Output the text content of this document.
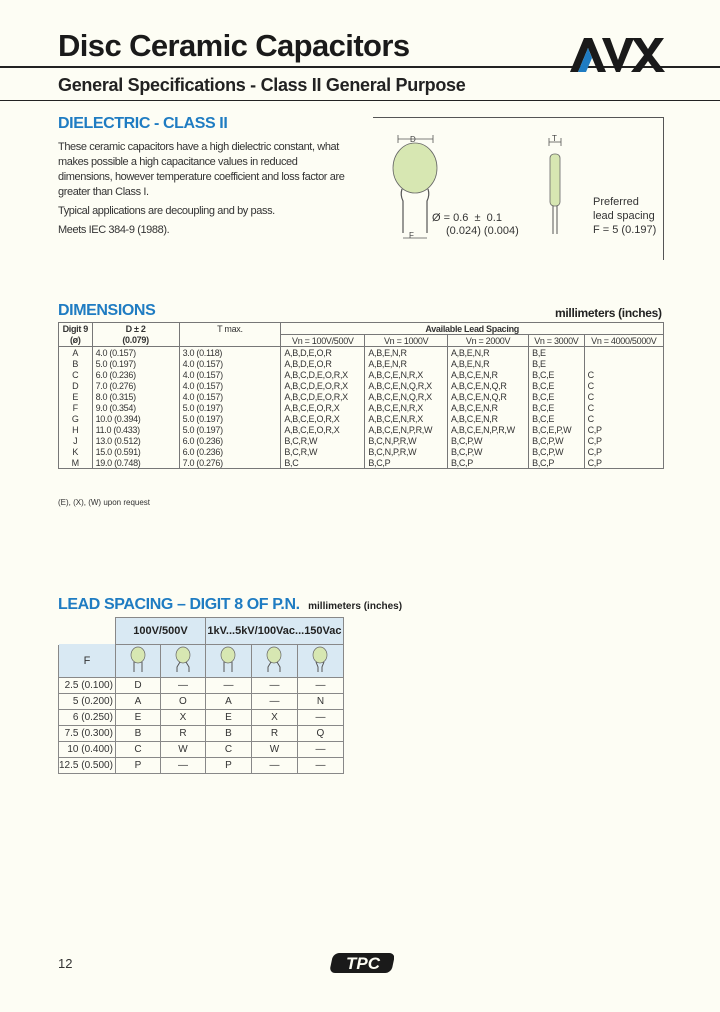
Disc Ceramic Capacitors
General Specifications - Class II General Purpose
DIELECTRIC - CLASS II

These ceramic capacitors have a high dielectric constant, what makes possible a high capacitance values in reduced dimensions, however temperature coefficient and loss factor are greater than Class I.

Typical applications are decoupling and by pass.

Meets IEC 384-9 (1988).

D
F
T
Ø = 0.6  ±  0.1
(0.024) (0.004)
Preferred
lead spacing
F = 5 (0.197)
DIMENSIONS	millimeters (inches)
Digit 9	D ± 2	T max.	Available Lead Spacing				
(ø)	(0.079)		Vn = 100V/500V	Vn = 1000V	Vn = 2000V	Vn = 3000V	Vn = 4000/5000V
A	4.0 (0.157)	3.0 (0.118)	A,B,D,E,O,R	A,B,E,N,R	A,B,E,N,R	B,E	
B	5.0 (0.197)	4.0 (0.157)	A,B,D,E,O,R	A,B,E,N,R	A,B,E,N,R	B,E	
C	6.0 (0.236)	4.0 (0.157)	A,B,C,D,E,O,R,X	A,B,C,E,N,R,X	A,B,C,E,N,R	B,C,E	C
D	7.0 (0.276)	4.0 (0.157)	A,B,C,D,E,O,R,X	A,B,C,E,N,Q,R,X	A,B,C,E,N,Q,R	B,C,E	C
E	8.0 (0.315)	4.0 (0.157)	A,B,C,D,E,O,R,X	A,B,C,E,N,Q,R,X	A,B,C,E,N,Q,R	B,C,E	C
F	9.0 (0.354)	5.0 (0.197)	A,B,C,E,O,R,X	A,B,C,E,N,R,X	A,B,C,E,N,R	B,C,E	C
G	10.0 (0.394)	5.0 (0.197)	A,B,C,E,O,R,X	A,B,C,E,N,R,X	A,B,C,E,N,R	B,C,E	C
H	11.0 (0.433)	5.0 (0.197)	A,B,C,E,O,R,X	A,B,C,E,N,P,R,W	A,B,C,E,N,P,R,W	B,C,E,P,W	C,P
J	13.0 (0.512)	6.0 (0.236)	B,C,R,W	B,C,N,P,R,W	B,C,P,W	B,C,P,W	C,P
K	15.0 (0.591)	6.0 (0.236)	B,C,R,W	B,C,N,P,R,W	B,C,P,W	B,C,P,W	C,P
M	19.0 (0.748)	7.0 (0.276)	B,C	B,C,P	B,C,P	B,C,P	C,P
(E), (X), (W) upon request
LEAD SPACING – DIGIT 8 OF P.N. millimeters (inches)
	100V/500V		1kV...5kV/100Vac...150Vac		
F					
2.5 (0.100)	D	—	—	—	—
5 (0.200)	A	O	A	—	N
6 (0.250)	E	X	E	X	—
7.5 (0.300)	B	R	B	R	Q
10 (0.400)	C	W	C	W	—
12.5 (0.500)	P	—	P	—	—
12	TPC
